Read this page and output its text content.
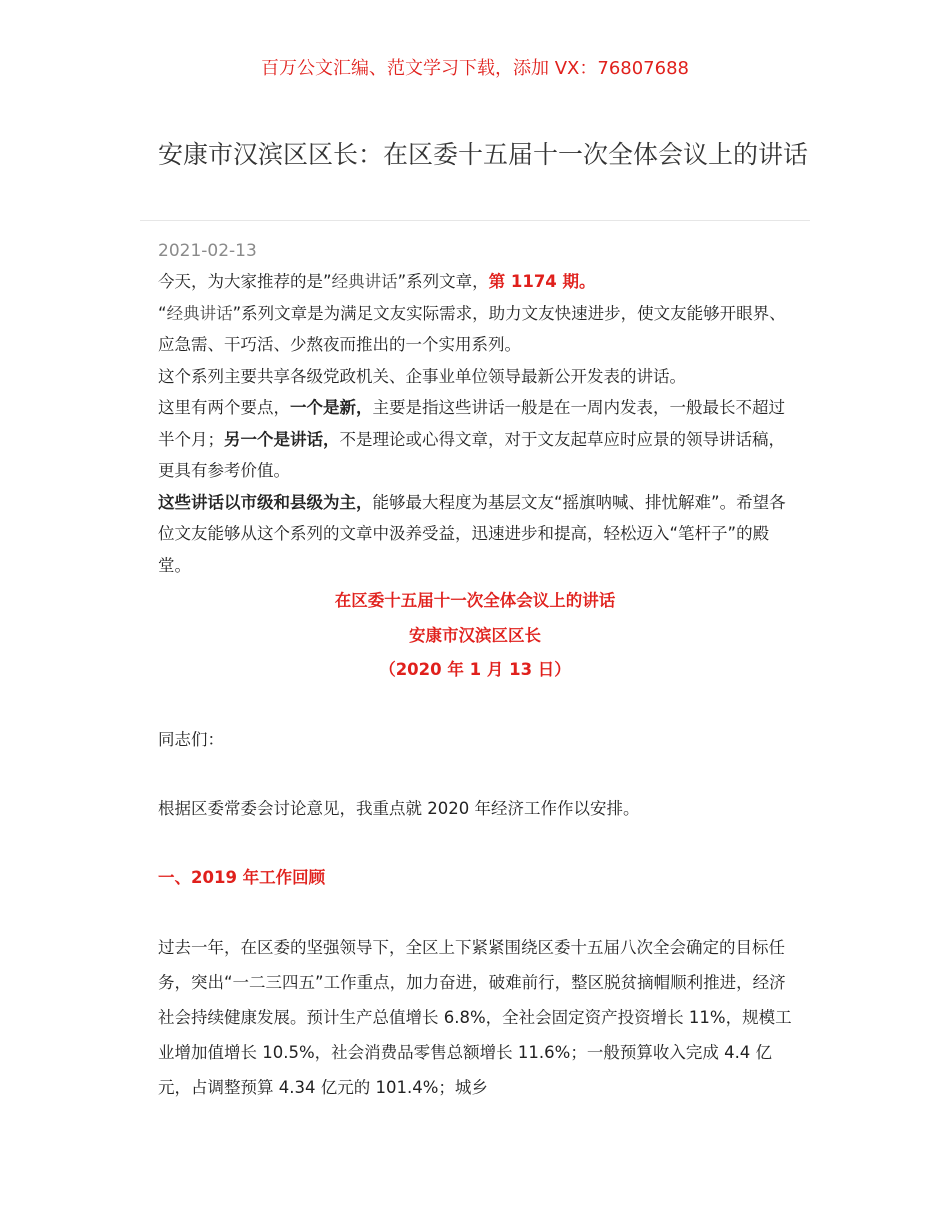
百万公文汇编、范文学习下载，添加 VX：76807688
安康市汉滨区区长：在区委十五届十一次全体会议上的讲话
2021-02-13

今天，为大家推荐的是”经典讲话”系列文章，第 1174 期。

“经典讲话”系列文章是为满足文友实际需求，助力文友快速进步，使文友能够开眼界、应急需、干巧活、少熬夜而推出的一个实用系列。

这个系列主要共享各级党政机关、企事业单位领导最新公开发表的讲话。

这里有两个要点，一个是新，主要是指这些讲话一般是在一周内发表，一般最长不超过半个月；另一个是讲话，不是理论或心得文章，对于文友起草应时应景的领导讲话稿，更具有参考价值。

这些讲话以市级和县级为主，能够最大程度为基层文友“摇旗呐喊、排忧解难”。希望各位文友能够从这个系列的文章中汲养受益，迅速进步和提高，轻松迈入“笔杆子”的殿堂。

在区委十五届十一次全体会议上的讲话
安康市汉滨区区长
（2020 年 1 月 13 日）
同志们：
根据区委常委会讨论意见，我重点就 2020 年经济工作作以安排。
一、2019 年工作回顾

过去一年，在区委的坚强领导下，全区上下紧紧围绕区委十五届八次全会确定的目标任务，突出“一二三四五”工作重点，加力奋进，破难前行，整区脱贫摘帽顺利推进，经济社会持续健康发展。预计生产总值增长 6.8%，全社会固定资产投资增长 11%，规模工业增加值增长 10.5%，社会消费品零售总额增长 11.6%；一般预算收入完成 4.4 亿元，占调整预算 4.34 亿元的 101.4%；城乡
